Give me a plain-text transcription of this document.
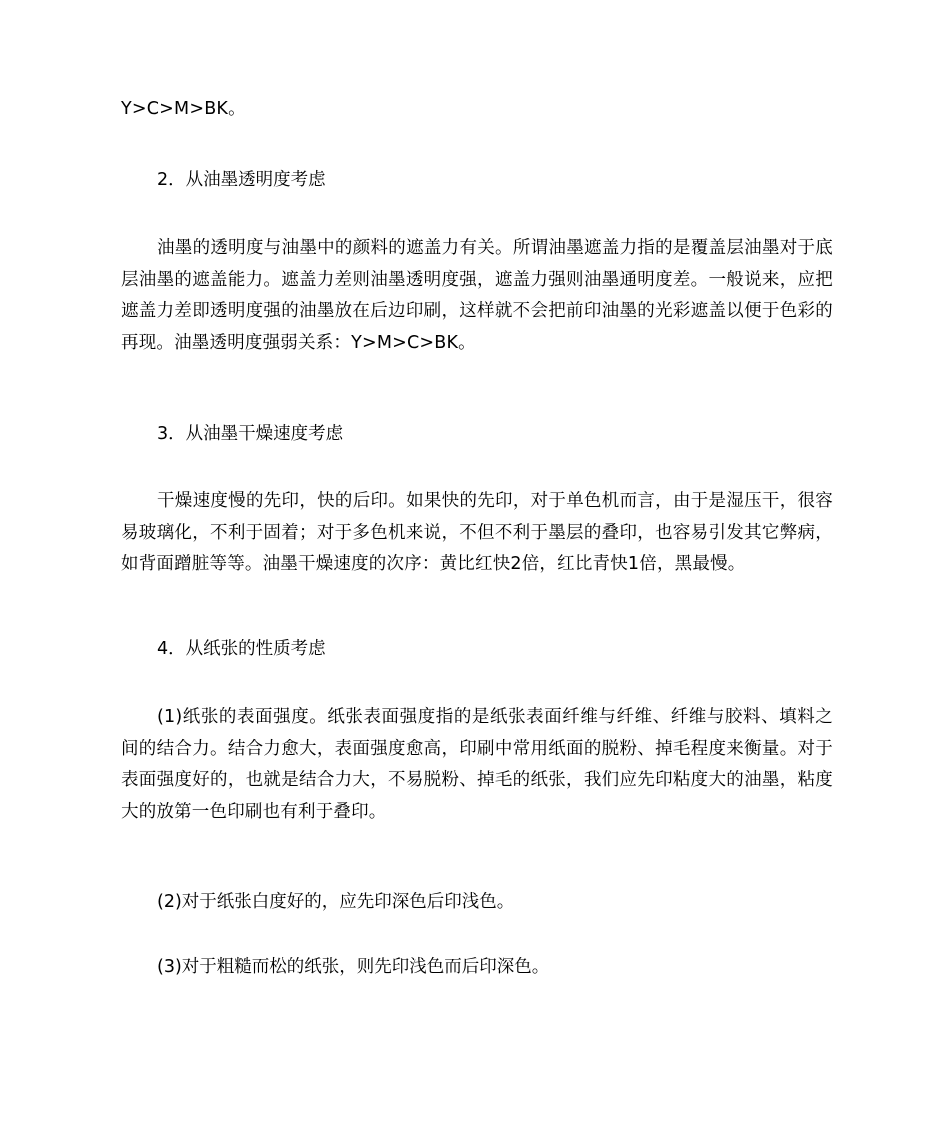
Y>C>M>BK。

2．从油墨透明度考虑

油墨的透明度与油墨中的颜料的遮盖力有关。所谓油墨遮盖力指的是覆盖层油墨对于底层油墨的遮盖能力。遮盖力差则油墨透明度强，遮盖力强则油墨通明度差。一般说来，应把遮盖力差即透明度强的油墨放在后边印刷，这样就不会把前印油墨的光彩遮盖以便于色彩的再现。油墨透明度强弱关系：Y>M>C>BK。

3．从油墨干燥速度考虑

干燥速度慢的先印，快的后印。如果快的先印，对于单色机而言，由于是湿压干，很容易玻璃化，不利于固着；对于多色机来说，不但不利于墨层的叠印，也容易引发其它弊病，如背面蹭脏等等。油墨干燥速度的次序：黄比红快2倍，红比青快1倍，黑最慢。

4．从纸张的性质考虑

(1)纸张的表面强度。纸张表面强度指的是纸张表面纤维与纤维、纤维与胶料、填料之间的结合力。结合力愈大，表面强度愈高，印刷中常用纸面的脱粉、掉毛程度来衡量。对于表面强度好的，也就是结合力大，不易脱粉、掉毛的纸张，我们应先印粘度大的油墨，粘度大的放第一色印刷也有利于叠印。

(2)对于纸张白度好的，应先印深色后印浅色。

(3)对于粗糙而松的纸张，则先印浅色而后印深色。
